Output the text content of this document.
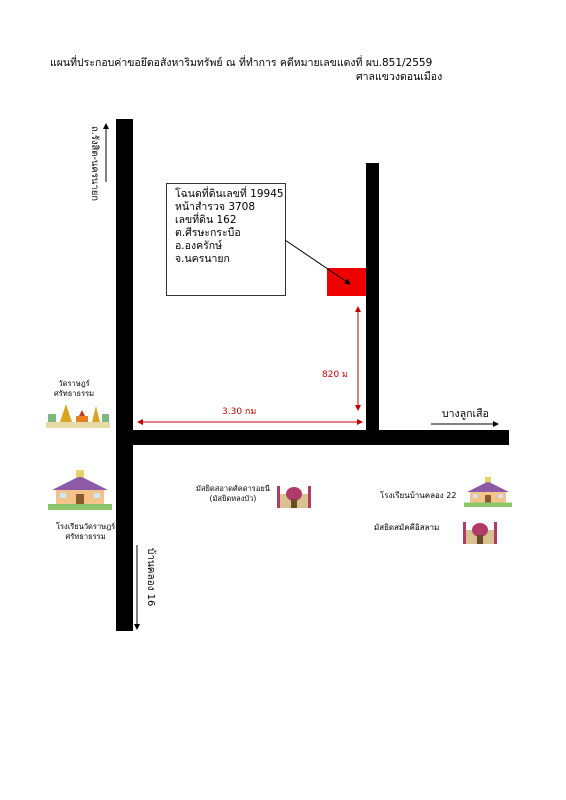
แผนที่ประกอบค่าขอยึดอสังหาริมทรัพย์ ณ ที่ทำการ คดีหมายเลขแดงที่ ผบ.851/2559
ศาลแขวงดอนเมือง
โฉนดที่ดินเลขที่ 19945
หน้าสำรวจ 3708
เลขที่ดิน 162
ต.ศีรษะกระบือ
อ.องครักษ์
จ.นครนายก
ถ.รังสิต-นครนายก
ทางหลวงหมายเลข 3369
บ้านคลอง 16
บางลูกเสือ
3.30 กม
820 ม
วัดราษฎร์
ศรัทธาธรรม
โรงเรียนวัดราษฎร์
ศรัทธาธรรม
มัสยิดสอาดศ์คดารอยนี
(มัสยิดหลงบัว)	โรงเรียนบ้านคลอง 22
มัสยิดสมัคคีอิสลาม
